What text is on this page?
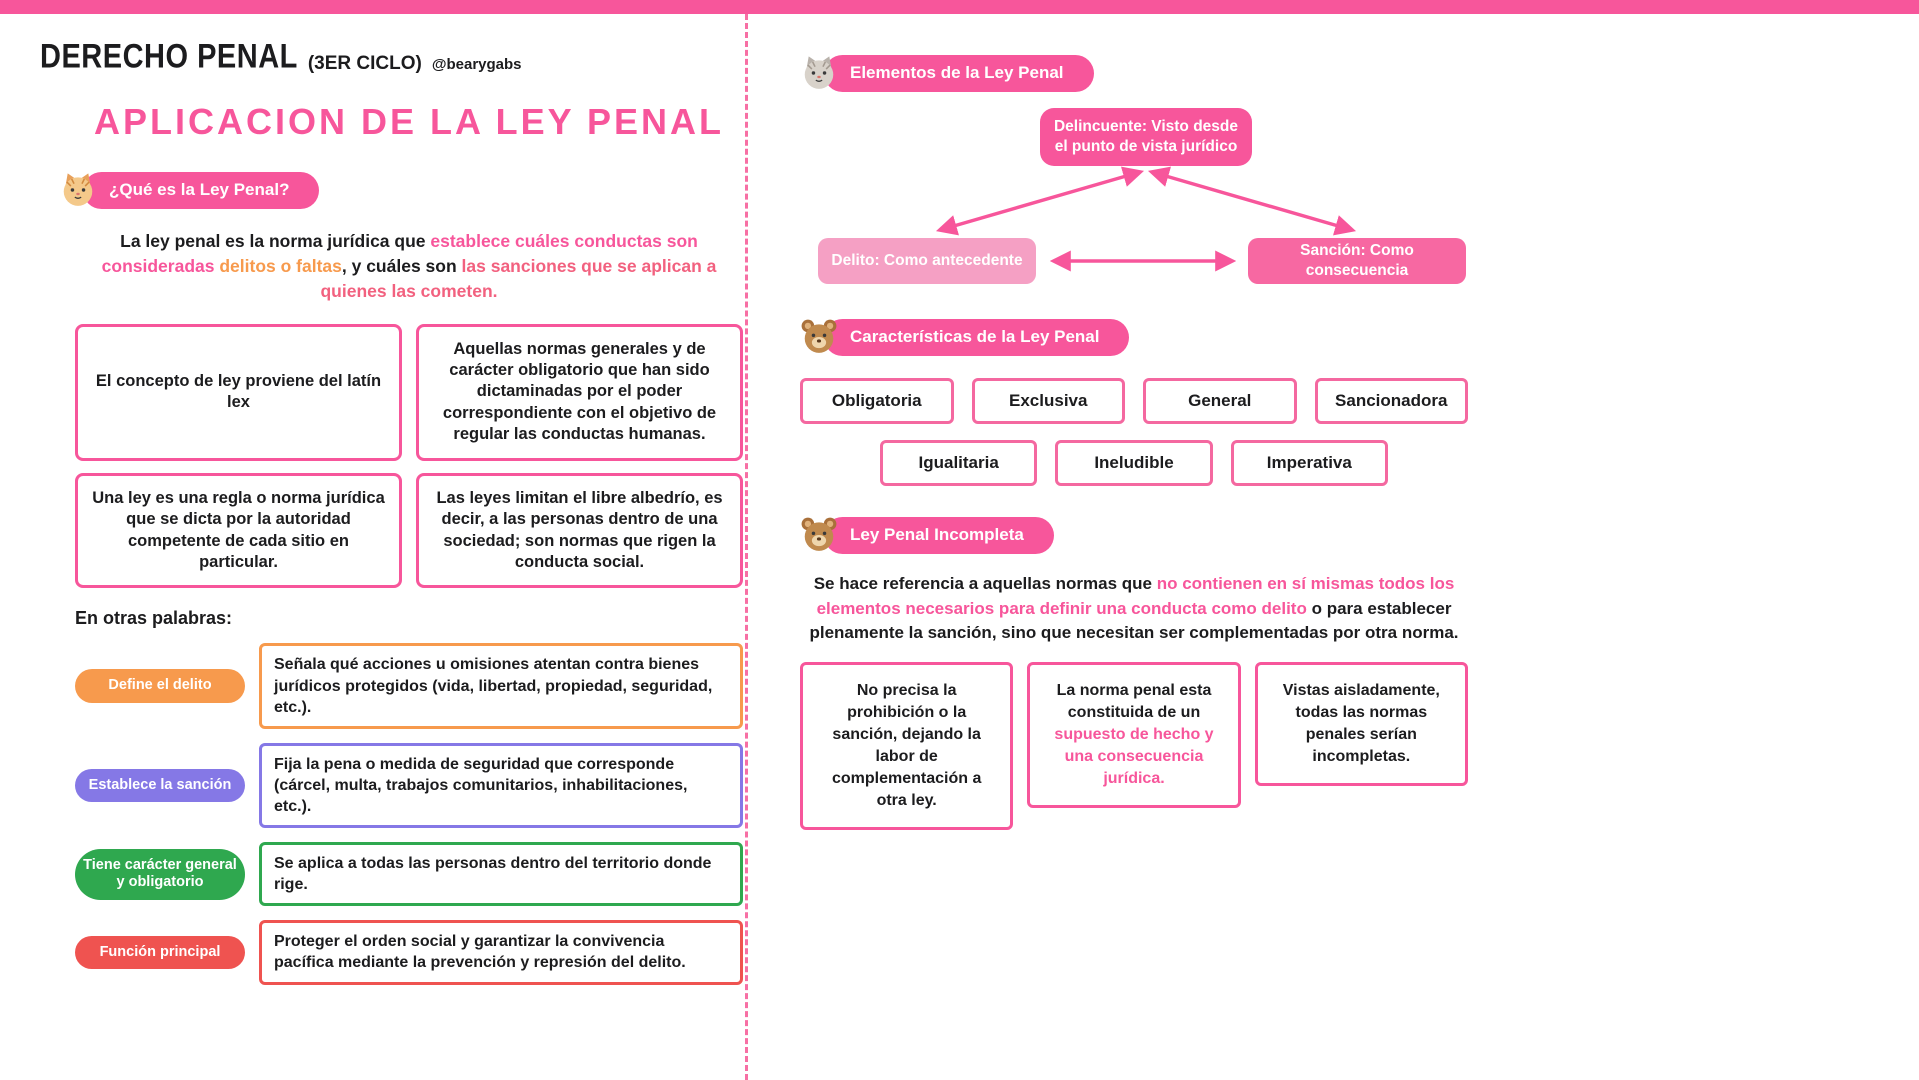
DERECHO PENAL (3ER CICLO) @bearygabs
APLICACION DE LA LEY PENAL
¿Qué es la Ley Penal?

La ley penal es la norma jurídica que establece cuáles conductas son consideradas delitos o faltas, y cuáles son las sanciones que se aplican a quienes las cometen.

El concepto de ley proviene del latín lex
Aquellas normas generales y de carácter obligatorio que han sido dictaminadas por el poder correspondiente con el objetivo de regular las conductas humanas.
Una ley es una regla o norma jurídica que se dicta por la autoridad competente de cada sitio en particular.
Las leyes limitan el libre albedrío, es decir, a las personas dentro de una sociedad; son normas que rigen la conducta social.
En otras palabras:
Define el delito
Señala qué acciones u omisiones atentan contra bienes jurídicos protegidos (vida, libertad, propiedad, seguridad, etc.).
Establece la sanción
Fija la pena o medida de seguridad que corresponde (cárcel, multa, trabajos comunitarios, inhabilitaciones, etc.).
Tiene carácter general y obligatorio
Se aplica a todas las personas dentro del territorio donde rige.
Función principal
Proteger el orden social y garantizar la convivencia pacífica mediante la prevención y represión del delito.
Elementos de la Ley Penal
Delincuente: Visto desde el punto de vista jurídico
Delito: Como antecedente
Sanción: Como consecuencia
Características de la Ley Penal
Obligatoria	Exclusiva	General	Sancionadora
Igualitaria	Ineludible	Imperativa
Ley Penal Incompleta

Se hace referencia a aquellas normas que no contienen en sí mismas todos los elementos necesarios para definir una conducta como delito o para establecer plenamente la sanción, sino que necesitan ser complementadas por otra norma.

No precisa la prohibición o la sanción, dejando la labor de complementación a otra ley.
La norma penal esta constituida de un supuesto de hecho y una consecuencia jurídica.
Vistas aisladamente, todas las normas penales serían incompletas.
